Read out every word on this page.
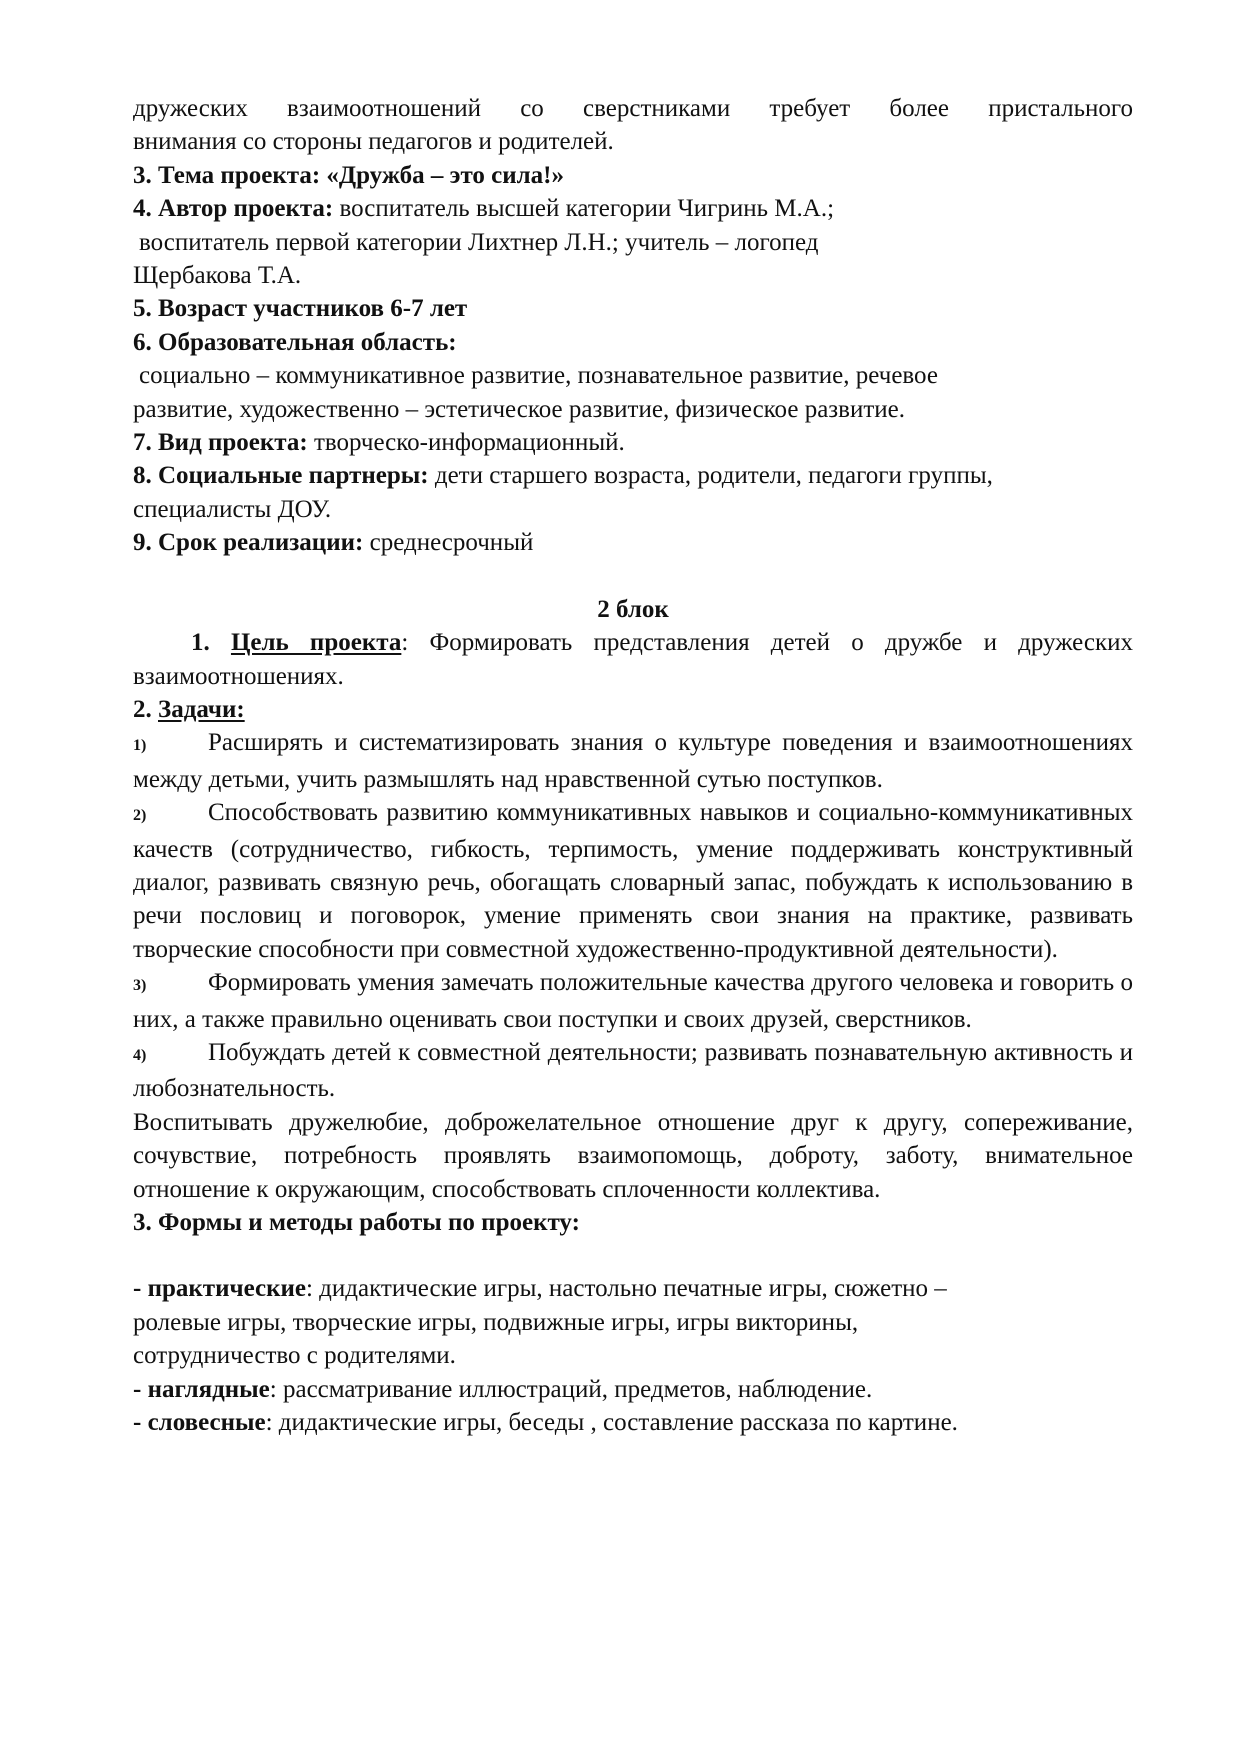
дружеских взаимоотношений со сверстниками требует более пристального

внимания со стороны педагогов и родителей.

3. Тема проекта: «Дружба – это сила!»

4. Автор проекта: воспитатель высшей категории Чигринь М.А.;

воспитатель первой категории Лихтнер Л.Н.; учитель – логопед

Щербакова Т.А.

5. Возраст участников 6-7 лет

6. Образовательная область:

социально – коммуникативное развитие, познавательное развитие, речевое

развитие, художественно – эстетическое развитие, физическое развитие.

7. Вид проекта: творческо-информационный.

8. Социальные партнеры: дети старшего возраста, родители, педагоги группы,

специалисты ДОУ.

9. Срок реализации: среднесрочный

2 блок

1. Цель проекта: Формировать представления детей о дружбе и дружеских взаимоотношениях.

2. Задачи:

1) Расширять и систематизировать знания о культуре поведения и взаимоотношениях между детьми, учить размышлять над нравственной сутью поступков.

2) Способствовать развитию коммуникативных навыков и социально-коммуникативных качеств (сотрудничество, гибкость, терпимость, умение поддерживать конструктивный диалог, развивать связную речь, обогащать словарный запас, побуждать к использованию в речи пословиц и поговорок, умение применять свои знания на практике, развивать творческие способности при совместной художественно-продуктивной деятельности).

3) Формировать умения замечать положительные качества другого человека и говорить о них, а также правильно оценивать свои поступки и своих друзей, сверстников.

4) Побуждать детей к совместной деятельности; развивать познавательную активность и любознательность.

Воспитывать дружелюбие, доброжелательное отношение друг к другу, сопереживание, сочувствие, потребность проявлять взаимопомощь, доброту, заботу, внимательное отношение к окружающим, способствовать сплоченности коллектива.

3. Формы и методы работы по проекту:

- практические: дидактические игры, настольно печатные игры, сюжетно –

ролевые игры, творческие игры, подвижные игры, игры викторины,

сотрудничество с родителями.

- наглядные: рассматривание иллюстраций, предметов, наблюдение.

- словесные: дидактические игры, беседы , составление рассказа по картине.
